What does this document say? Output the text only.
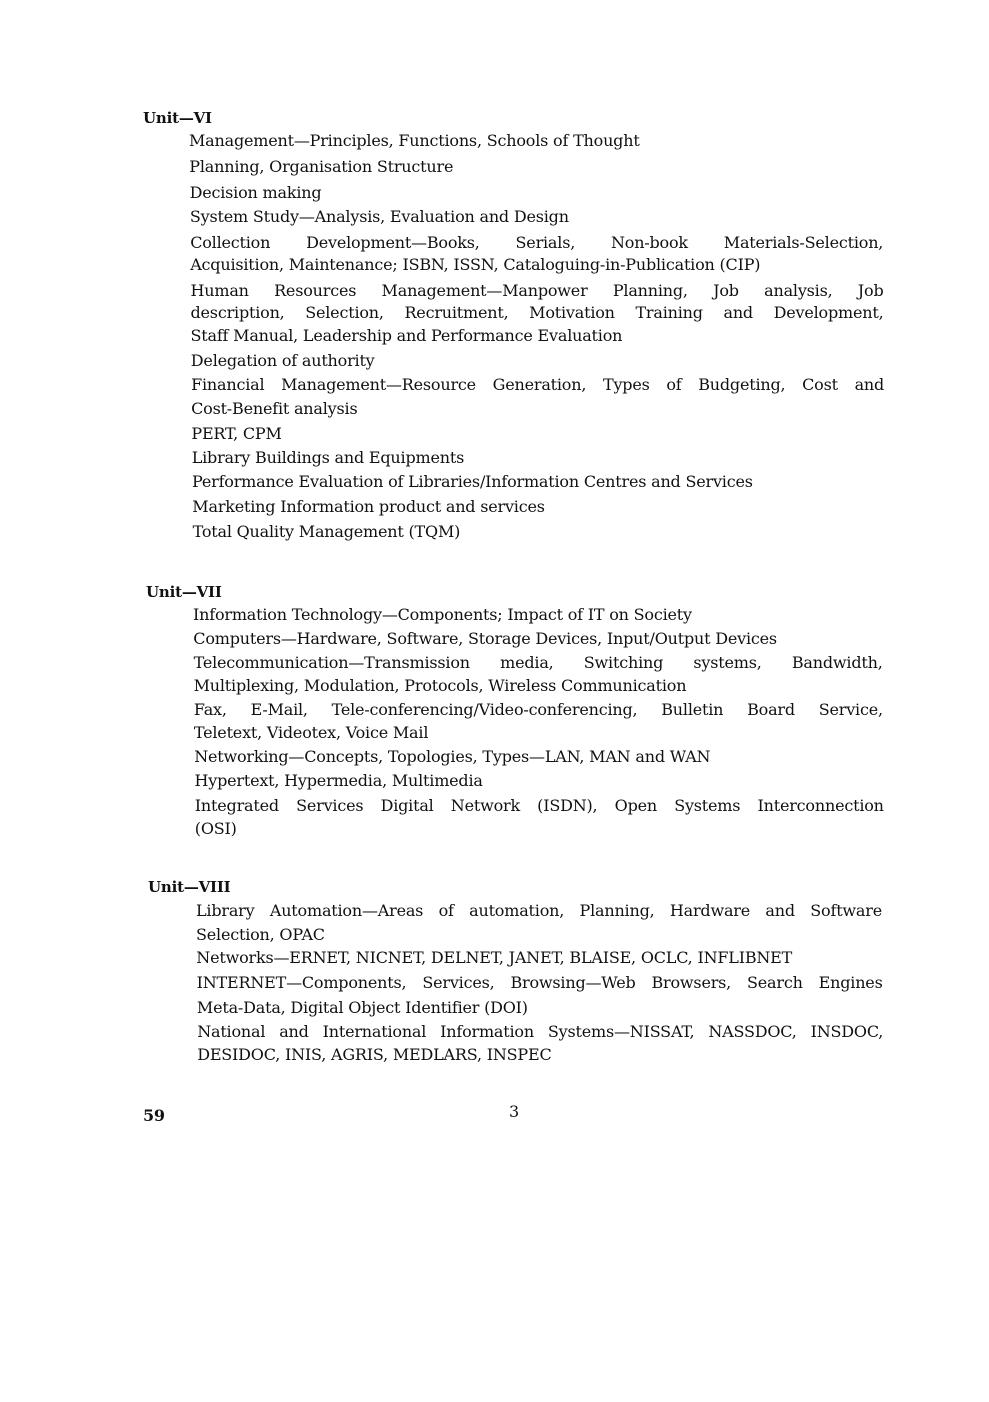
59	3
Unit—VI
Management—Principles, Functions, Schools of Thought
Planning, Organisation Structure
Decision making
System Study—Analysis, Evaluation and Design
Collection Development—Books, Serials, Non-book Materials-Selection,
Acquisition, Maintenance; ISBN, ISSN, Cataloguing-in-Publication (CIP)
Human Resources Management—Manpower Planning, Job analysis, Job
description, Selection, Recruitment, Motivation Training and Development,
Staff Manual, Leadership and Performance Evaluation
Delegation of authority
Financial Management—Resource Generation, Types of Budgeting, Cost and
Cost-Benefit analysis
PERT, CPM
Library Buildings and Equipments
Performance Evaluation of Libraries/Information Centres and Services
Marketing Information product and services
Total Quality Management (TQM)
Unit—VII
Information Technology—Components; Impact of IT on Society
Computers—Hardware, Software, Storage Devices, Input/Output Devices
Telecommunication—Transmission media, Switching systems, Bandwidth,
Multiplexing, Modulation, Protocols, Wireless Communication
Fax, E-Mail, Tele-conferencing/Video-conferencing, Bulletin Board Service,
Teletext, Videotex, Voice Mail
Networking—Concepts, Topologies, Types—LAN, MAN and WAN
Hypertext, Hypermedia, Multimedia
Integrated Services Digital Network (ISDN), Open Systems Interconnection
(OSI)
Unit—VIII
Library Automation—Areas of automation, Planning, Hardware and Software
Selection, OPAC
Networks—ERNET, NICNET, DELNET, JANET, BLAISE, OCLC, INFLIBNET
INTERNET—Components, Services, Browsing—Web Browsers, Search Engines
Meta-Data, Digital Object Identifier (DOI)
National and International Information Systems—NISSAT, NASSDOC, INSDOC,
DESIDOC, INIS, AGRIS, MEDLARS, INSPEC
